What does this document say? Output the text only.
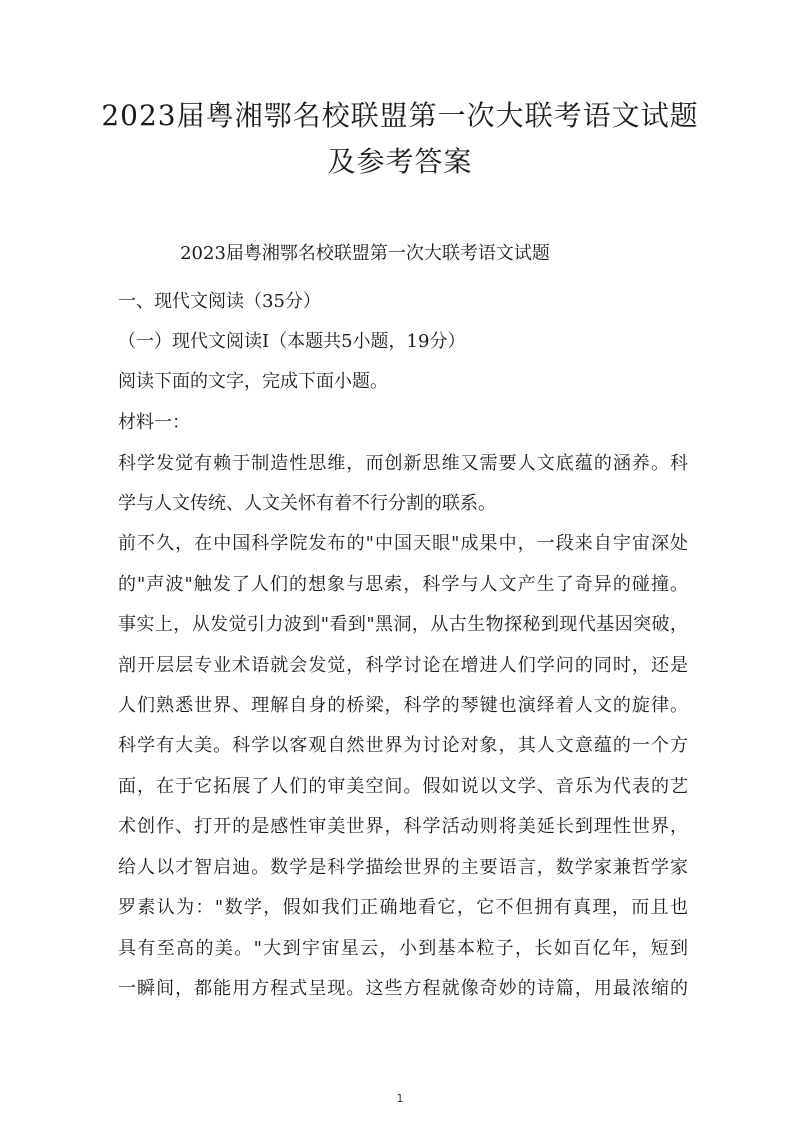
2023届粤湘鄂名校联盟第一次大联考语文试题
及参考答案
2023届粤湘鄂名校联盟第一次大联考语文试题
一、现代文阅读（35分）
（一）现代文阅读Ⅰ（本题共5小题，19分）
阅读下面的文字，完成下面小题。
材料一：
科学发觉有赖于制造性思维，而创新思维又需要人文底蕴的涵养。科
学与人文传统、人文关怀有着不行分割的联系。
前不久，在中国科学院发布的"中国天眼"成果中，一段来自宇宙深处
的"声波"触发了人们的想象与思索，科学与人文产生了奇异的碰撞。
事实上，从发觉引力波到"看到"黑洞，从古生物探秘到现代基因突破，
剖开层层专业术语就会发觉，科学讨论在增进人们学问的同时，还是
人们熟悉世界、理解自身的桥梁，科学的琴键也演绎着人文的旋律。
科学有大美。科学以客观自然世界为讨论对象，其人文意蕴的一个方
面，在于它拓展了人们的审美空间。假如说以文学、音乐为代表的艺
术创作、打开的是感性审美世界，科学活动则将美延长到理性世界，
给人以才智启迪。数学是科学描绘世界的主要语言，数学家兼哲学家
罗素认为："数学，假如我们正确地看它，它不但拥有真理，而且也
具有至高的美。"大到宇宙星云，小到基本粒子，长如百亿年，短到
一瞬间，都能用方程式呈现。这些方程就像奇妙的诗篇，用最浓缩的
1
